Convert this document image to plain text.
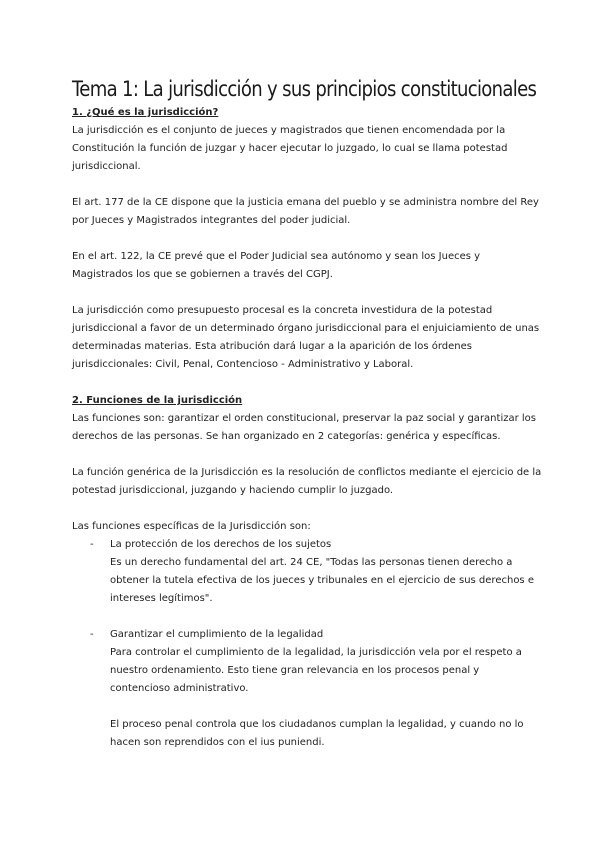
Tema 1: La jurisdicción y sus principios constitucionales

1. ¿Qué es la jurisdicción?

La jurisdicción es el conjunto de jueces y magistrados que tienen encomendada por la Constitución la función de juzgar y hacer ejecutar lo juzgado, lo cual se llama potestad jurisdiccional.

El art. 177 de la CE dispone que la justicia emana del pueblo y se administra nombre del Rey por Jueces y Magistrados integrantes del poder judicial.

En el art. 122, la CE prevé que el Poder Judicial sea autónomo y sean los Jueces y Magistrados los que se gobiernen a través del CGPJ.

La jurisdicción como presupuesto procesal es la concreta investidura de la potestad jurisdiccional a favor de un determinado órgano jurisdiccional para el enjuiciamiento de unas determinadas materias. Esta atribución dará lugar a la aparición de los órdenes jurisdiccionales: Civil, Penal, Contencioso - Administrativo y Laboral.

2. Funciones de la jurisdicción

Las funciones son: garantizar el orden constitucional, preservar la paz social y garantizar los derechos de las personas. Se han organizado en 2 categorías: genérica y específicas.

La función genérica de la Jurisdicción es la resolución de conflictos mediante el ejercicio de la potestad jurisdiccional, juzgando y haciendo cumplir lo juzgado.

Las funciones específicas de la Jurisdicción son:

- La protección de los derechos de los sujetos

Es un derecho fundamental del art. 24 CE, "Todas las personas tienen derecho a obtener la tutela efectiva de los jueces y tribunales en el ejercicio de sus derechos e intereses legítimos".

- Garantizar el cumplimiento de la legalidad

Para controlar el cumplimiento de la legalidad, la jurisdicción vela por el respeto a nuestro ordenamiento. Esto tiene gran relevancia en los procesos penal y contencioso administrativo.

El proceso penal controla que los ciudadanos cumplan la legalidad, y cuando no lo hacen son reprendidos con el ius puniendi.
